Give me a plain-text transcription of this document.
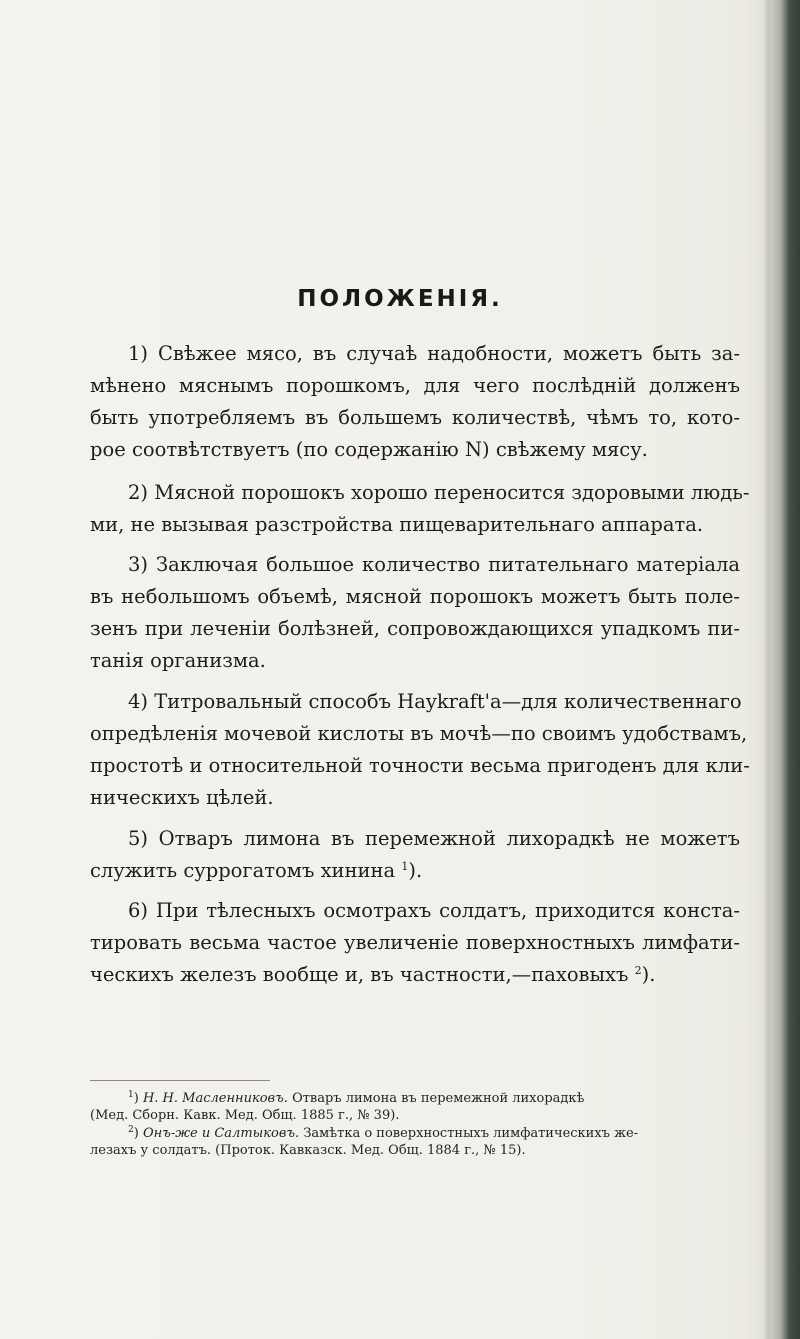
ПОЛОЖЕНІЯ.

1) Свѣжее мясо, въ случаѣ надобности, можетъ быть за-
мѣнено мяснымъ порошкомъ, для чего послѣдній долженъ
быть употребляемъ въ большемъ количествѣ, чѣмъ то, кото-
рое соотвѣтствуетъ (по содержанію N) свѣжему мясу.

2) Мясной порошокъ хорошо переносится здоровыми людь-
ми, не вызывая разстройства пищеварительнаго аппарата.

3) Заключая большое количество питательнаго матеріала
въ небольшомъ объемѣ, мясной порошокъ можетъ быть поле-
зенъ при леченіи болѣзней, сопровождающихся упадкомъ пи-
танія организма.

4) Титровальный способъ Haykraft'а—для количественнаго
опредѣленія мочевой кислоты въ мочѣ—по своимъ удобствамъ,
простотѣ и относительной точности весьма пригоденъ для кли-
ническихъ цѣлей.

5) Отваръ лимона въ перемежной лихорадкѣ не можетъ
служить суррогатомъ хинина $^1$).

6) При тѣлесныхъ осмотрахъ солдатъ, приходится конста-
тировать весьма частое увеличеніе поверхностныхъ лимфати-
ческихъ железъ вообще и, въ частности,—паховыхъ $^2$).

$^1$) Н. Н. Масленниковъ. Отваръ лимона въ перемежной лихорадкѣ
(Мед. Сборн. Кавк. Мед. Общ. 1885 г., № 39).
$^2$) Онъ-же и Салтыковъ. Замѣтка о поверхностныхъ лимфатическихъ же-
лезахъ у солдатъ. (Проток. Кавказск. Мед. Общ. 1884 г., № 15).
